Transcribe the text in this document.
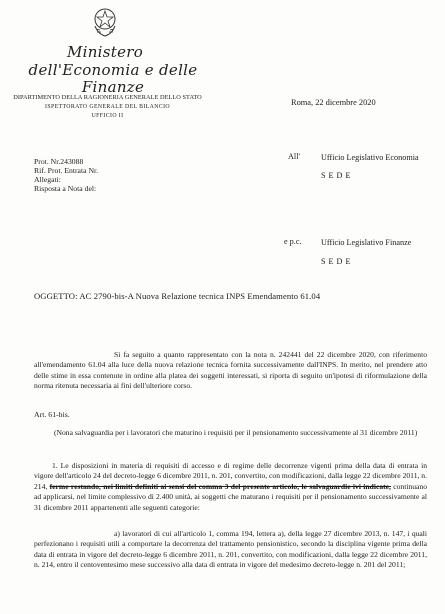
Ministero
dell'Economia e delle Finanze
DIPARTIMENTO DELLA RAGIONERIA GENERALE DELLO STATO
ISPETTORATO GENERALE DEL BILANCIO
UFFICIO II
Roma, 22 dicembre 2020
Prot. Nr.243088
Rif. Prot. Entrata Nr.
Allegati:
Risposta a Nota del:
All'	Ufficio Legislativo Economia
SEDE
e p.c. Ufficio Legislativo Finanze
SEDE
OGGETTO: AC 2790-bis-A Nuova Relazione tecnica INPS Emendamento 61.04
Si fa seguito a quanto rappresentato con la nota n. 242441 del 22 dicembre 2020, con riferimento all'emendamento 61.04 alla luce della nuova relazione tecnica fornita successivamente dall'INPS. In merito, nel prendere atto delle stime in essa contenute in ordine alla platea dei soggetti interessati, si riporta di seguito un'ipotesi di riformulazione della norma ritenuta necessaria ai fini dell'ulteriore corso.
Art. 61-bis.
(Nona salvaguardia per i lavoratori che maturino i requisiti per il pensionamento successivamente al 31 dicembre 2011)
1. Le disposizioni in materia di requisiti di accesso e di regime delle decorrenze vigenti prima della data di entrata in vigore dell'articolo 24 del decreto-legge 6 dicembre 2011, n. 201, convertito, con modificazioni, dalla legge 22 dicembre 2011, n. 214, ferme restando, nei limiti definiti ai sensi del comma 3 del presente articolo, le salvaguardie ivi indicate, continuano ad applicarsi, nel limite complessivo di 2.400 unità, ai soggetti che maturano i requisiti per il pensionamento successivamente al 31 dicembre 2011 appartenenti alle seguenti categorie:
a) lavoratori di cui all'articolo 1, comma 194, lettera a), della legge 27 dicembre 2013, n. 147, i quali perfezionano i requisiti utili a comportare la decorrenza del trattamento pensionistico, secondo la disciplina vigente prima della data di entrata in vigore del decreto-legge 6 dicembre 2011, n. 201, convertito, con modificazioni, dalla legge 22 dicembre 2011, n. 214, entro il centoventesimo mese successivo alla data di entrata in vigore del medesimo decreto-legge n. 201 del 2011;
